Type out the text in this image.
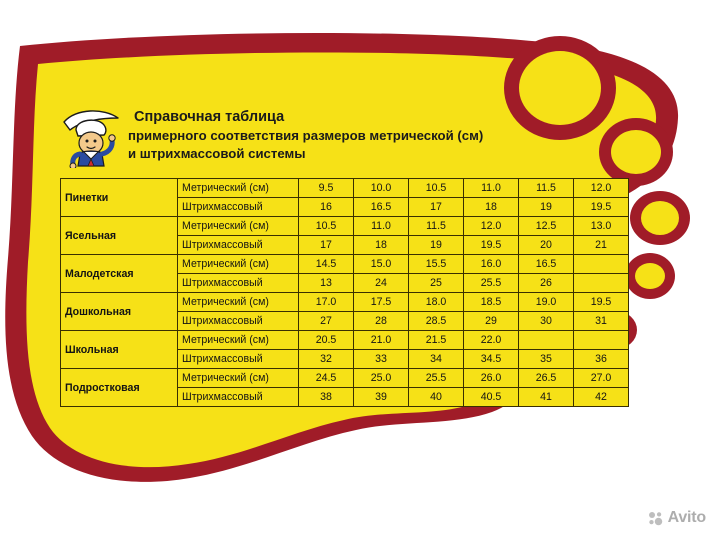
Справочная таблица
примерного соответствия размеров метрической (см)
и штрихмассовой системы
Пинетки	Метрический (см)	9.5	10.0	10.5	11.0	11.5	12.0
	Штрихмассовый	16	16.5	17	18	19	19.5
Ясельная	Метрический (см)	10.5	11.0	11.5	12.0	12.5	13.0
	Штрихмассовый	17	18	19	19.5	20	21
Малодетская	Метрический (см)	14.5	15.0	15.5	16.0	16.5	
	Штрихмассовый	13	24	25	25.5	26	
Дошкольная	Метрический (см)	17.0	17.5	18.0	18.5	19.0	19.5
	Штрихмассовый	27	28	28.5	29	30	31
Школьная	Метрический (см)	20.5	21.0	21.5	22.0		
	Штрихмассовый	32	33	34	34.5	35	36
Подростковая	Метрический (см)	24.5	25.0	25.5	26.0	26.5	27.0
	Штрихмассовый	38	39	40	40.5	41	42
Avito
